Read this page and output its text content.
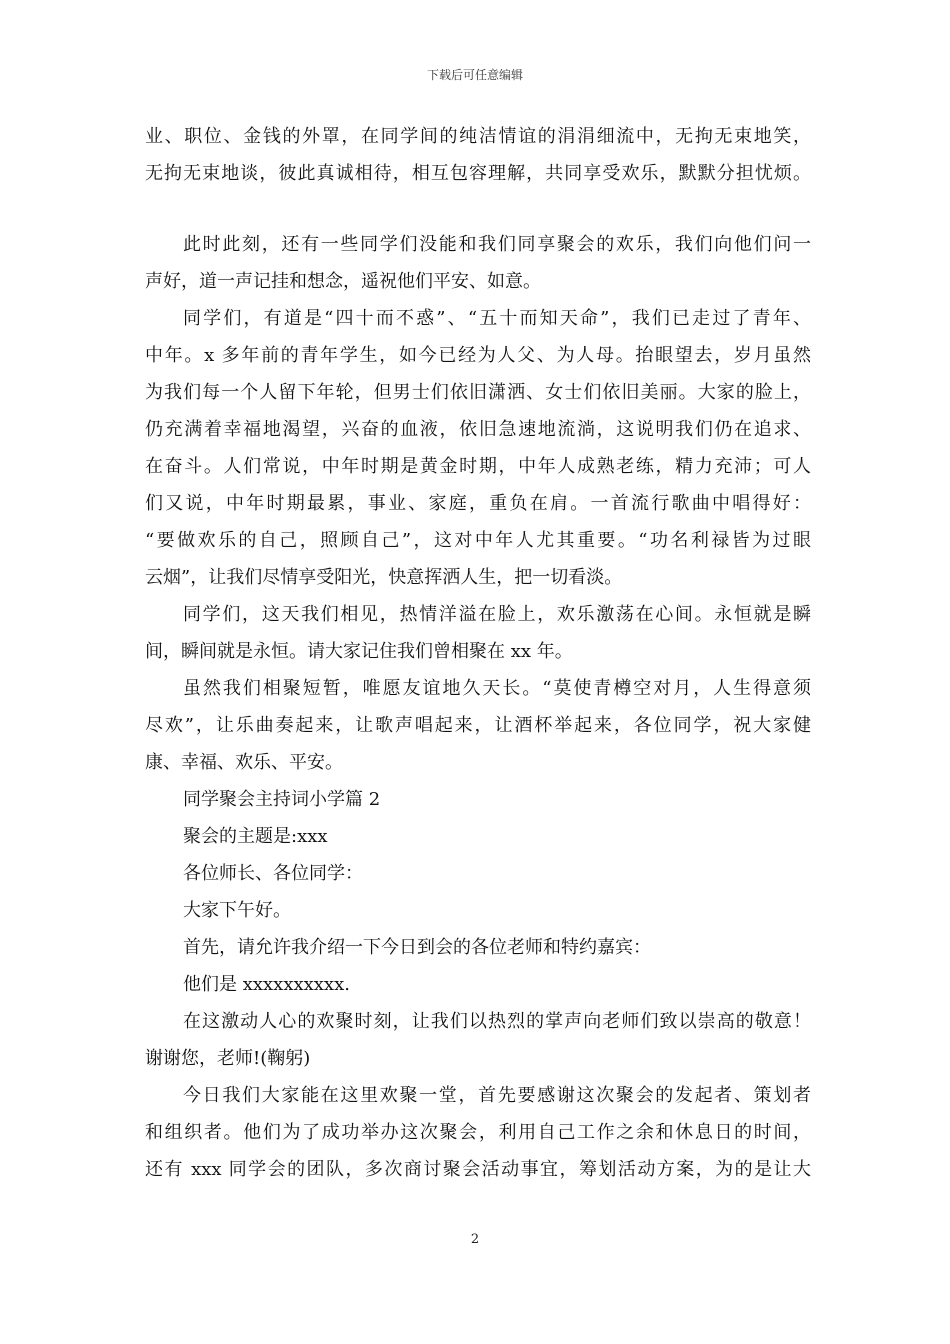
下载后可任意编辑
业、职位、金钱的外罩，在同学间的纯洁情谊的涓涓细流中，无拘无束地笑，
无拘无束地谈，彼此真诚相待，相互包容理解，共同享受欢乐，默默分担忧烦。
此时此刻，还有一些同学们没能和我们同享聚会的欢乐，我们向他们问一
声好，道一声记挂和想念，遥祝他们平安、如意。
同学们，有道是“四十而不惑”、“五十而知天命”，我们已走过了青年、
中年。x 多年前的青年学生，如今已经为人父、为人母。抬眼望去，岁月虽然
为我们每一个人留下年轮，但男士们依旧潇洒、女士们依旧美丽。大家的脸上，
仍充满着幸福地渴望，兴奋的血液，依旧急速地流淌，这说明我们仍在追求、
在奋斗。人们常说，中年时期是黄金时期，中年人成熟老练，精力充沛；可人
们又说，中年时期最累，事业、家庭，重负在肩。一首流行歌曲中唱得好：
“要做欢乐的自己，照顾自己”，这对中年人尤其重要。“功名利禄皆为过眼
云烟”，让我们尽情享受阳光，快意挥洒人生，把一切看淡。
同学们，这天我们相见，热情洋溢在脸上，欢乐激荡在心间。永恒就是瞬
间，瞬间就是永恒。请大家记住我们曾相聚在 xx 年。
虽然我们相聚短暂，唯愿友谊地久天长。“莫使青樽空对月，人生得意须
尽欢”，让乐曲奏起来，让歌声唱起来，让酒杯举起来，各位同学，祝大家健
康、幸福、欢乐、平安。
同学聚会主持词小学篇 2
聚会的主题是:xxx
各位师长、各位同学：
大家下午好。
首先，请允许我介绍一下今日到会的各位老师和特约嘉宾：
他们是 xxxxxxxxxx.
在这激动人心的欢聚时刻，让我们以热烈的掌声向老师们致以崇高的敬意！
谢谢您，老师!(鞠躬)
今日我们大家能在这里欢聚一堂，首先要感谢这次聚会的发起者、策划者
和组织者。他们为了成功举办这次聚会，利用自己工作之余和休息日的时间，
还有 xxx 同学会的团队，多次商讨聚会活动事宜，筹划活动方案，为的是让大
2
